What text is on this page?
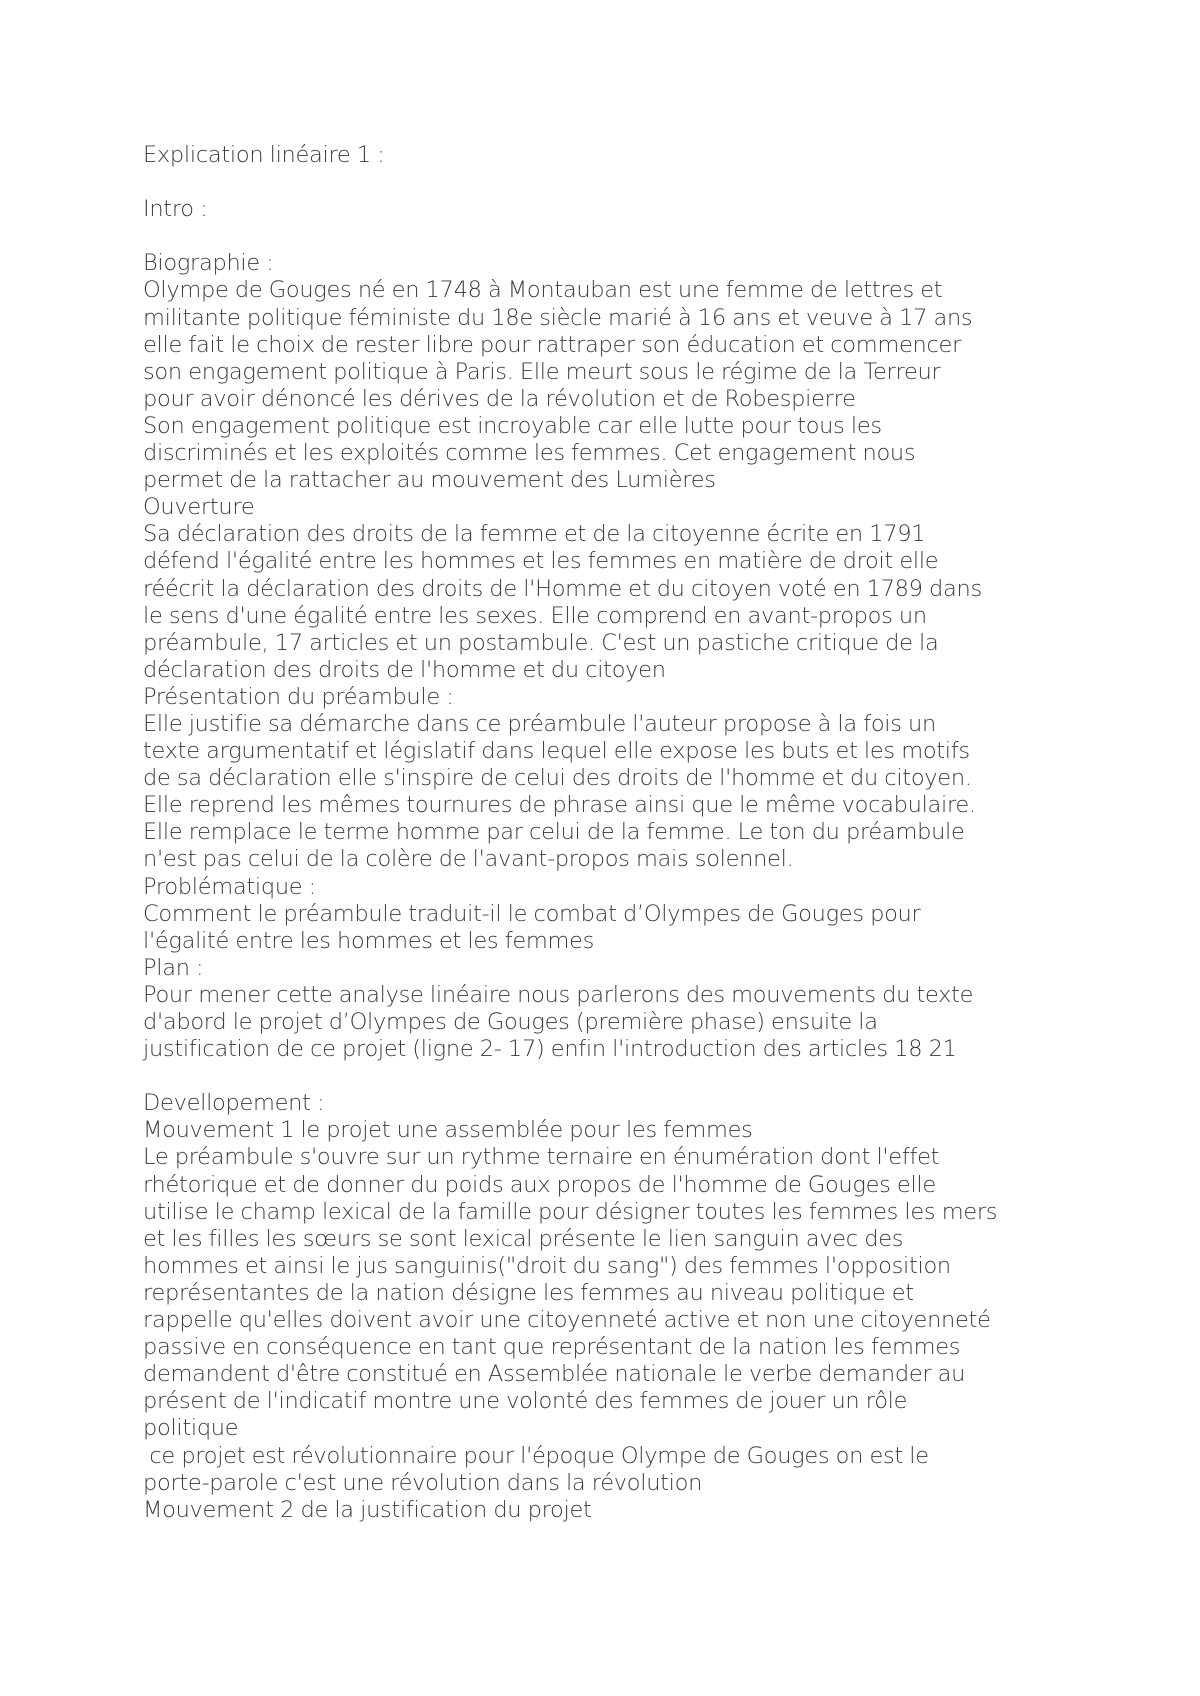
Explication linéaire 1 :
Intro :
Biographie :
Olympe de Gouges né en 1748 à Montauban est une femme de lettres et
militante politique féministe du 18e siècle marié à 16 ans et veuve à 17 ans
elle fait le choix de rester libre pour rattraper son éducation et commencer
son engagement politique à Paris. Elle meurt sous le régime de la Terreur
pour avoir dénoncé les dérives de la révolution et de Robespierre
Son engagement politique est incroyable car elle lutte pour tous les
discriminés et les exploités comme les femmes. Cet engagement nous
permet de la rattacher au mouvement des Lumières
Ouverture
Sa déclaration des droits de la femme et de la citoyenne écrite en 1791
défend l'égalité entre les hommes et les femmes en matière de droit elle
réécrit la déclaration des droits de l'Homme et du citoyen voté en 1789 dans
le sens d'une égalité entre les sexes. Elle comprend en avant-propos un
préambule, 17 articles et un postambule. C'est un pastiche critique de la
déclaration des droits de l'homme et du citoyen
Présentation du préambule :
Elle justifie sa démarche dans ce préambule l'auteur propose à la fois un
texte argumentatif et législatif dans lequel elle expose les buts et les motifs
de sa déclaration elle s'inspire de celui des droits de l'homme et du citoyen.
Elle reprend les mêmes tournures de phrase ainsi que le même vocabulaire.
Elle remplace le terme homme par celui de la femme. Le ton du préambule
n'est pas celui de la colère de l'avant-propos mais solennel.
Problématique :
Comment le préambule traduit-il le combat d’Olympes de Gouges pour
l'égalité entre les hommes et les femmes
Plan :
Pour mener cette analyse linéaire nous parlerons des mouvements du texte
d'abord le projet d’Olympes de Gouges (première phase) ensuite la
justification de ce projet (ligne 2- 17) enfin l'introduction des articles 18 21
Devellopement :
Mouvement 1 le projet une assemblée pour les femmes
Le préambule s'ouvre sur un rythme ternaire en énumération dont l'effet
rhétorique et de donner du poids aux propos de l'homme de Gouges elle
utilise le champ lexical de la famille pour désigner toutes les femmes les mers
et les filles les sœurs se sont lexical présente le lien sanguin avec des
hommes et ainsi le jus sanguinis("droit du sang") des femmes l'opposition
représentantes de la nation désigne les femmes au niveau politique et
rappelle qu'elles doivent avoir une citoyenneté active et non une citoyenneté
passive en conséquence en tant que représentant de la nation les femmes
demandent d'être constitué en Assemblée nationale le verbe demander au
présent de l'indicatif montre une volonté des femmes de jouer un rôle
politique
ce projet est révolutionnaire pour l'époque Olympe de Gouges on est le
porte-parole c'est une révolution dans la révolution
Mouvement 2 de la justification du projet
